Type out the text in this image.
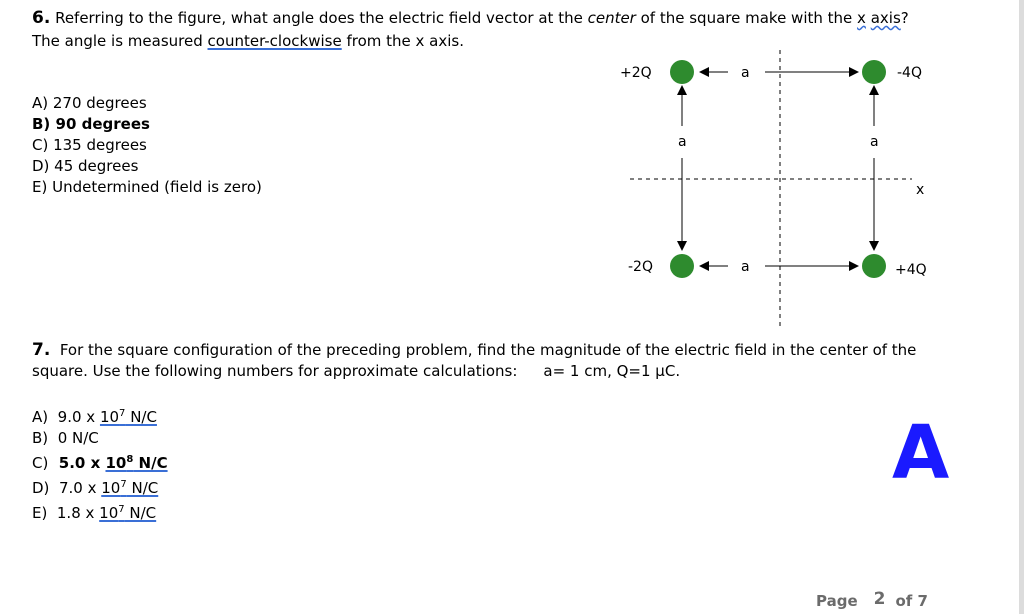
6. Referring to the figure, what angle does the electric field vector at the center of the square make with the x axis?
The angle is measured counter-clockwise from the x axis.
A) 270 degrees
B) 90 degrees
C) 135 degrees
D) 45 degrees
E) Undetermined (field is zero)
+2Q	-4Q
-2Q	+4Q
a
a
a	a
x
7. For the square configuration of the preceding problem, find the magnitude of the electric field in the center of the
square. Use the following numbers for approximate calculations: a= 1 cm, Q=1 µC.
A) 9.0 x $10^7$ N/C
B) 0 N/C
C) 5.0 x $10^8$ N/C
D) 7.0 x $10^7$ N/C
E) 1.8 x $10^7$ N/C
A
Page 2 of 7
